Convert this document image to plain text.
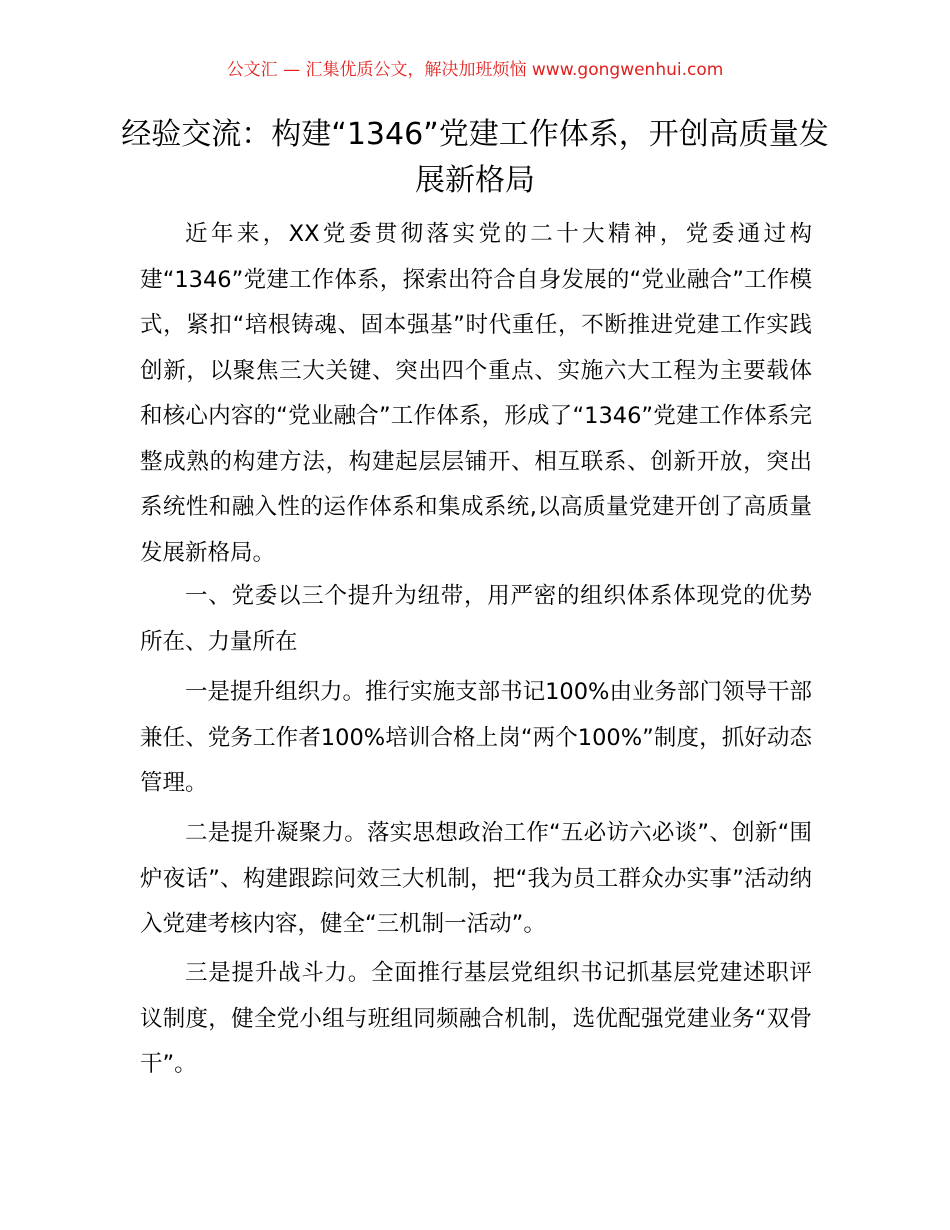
公文汇 — 汇集优质公文，解决加班烦恼 www.gongwenhui.com
经验交流：构建“1346”党建工作体系，开创高质量发展新格局

近年来，XX党委贯彻落实党的二十大精神，党委通过构建“1346”党建工作体系，探索出符合自身发展的“党业融合”工作模式，紧扣“培根铸魂、固本强基”时代重任，不断推进党建工作实践创新，以聚焦三大关键、突出四个重点、实施六大工程为主要载体和核心内容的“党业融合”工作体系，形成了“1346”党建工作体系完整成熟的构建方法，构建起层层铺开、相互联系、创新开放，突出系统性和融入性的运作体系和集成系统,以高质量党建开创了高质量发展新格局。

一、党委以三个提升为纽带，用严密的组织体系体现党的优势所在、力量所在

一是提升组织力。推行实施支部书记100%由业务部门领导干部兼任、党务工作者100%培训合格上岗“两个100%”制度，抓好动态管理。

二是提升凝聚力。落实思想政治工作“五必访六必谈”、创新“围炉夜话”、构建跟踪问效三大机制，把“我为员工群众办实事”活动纳入党建考核内容，健全“三机制一活动”。

三是提升战斗力。全面推行基层党组织书记抓基层党建述职评议制度，健全党小组与班组同频融合机制，选优配强党建业务“双骨干”。
